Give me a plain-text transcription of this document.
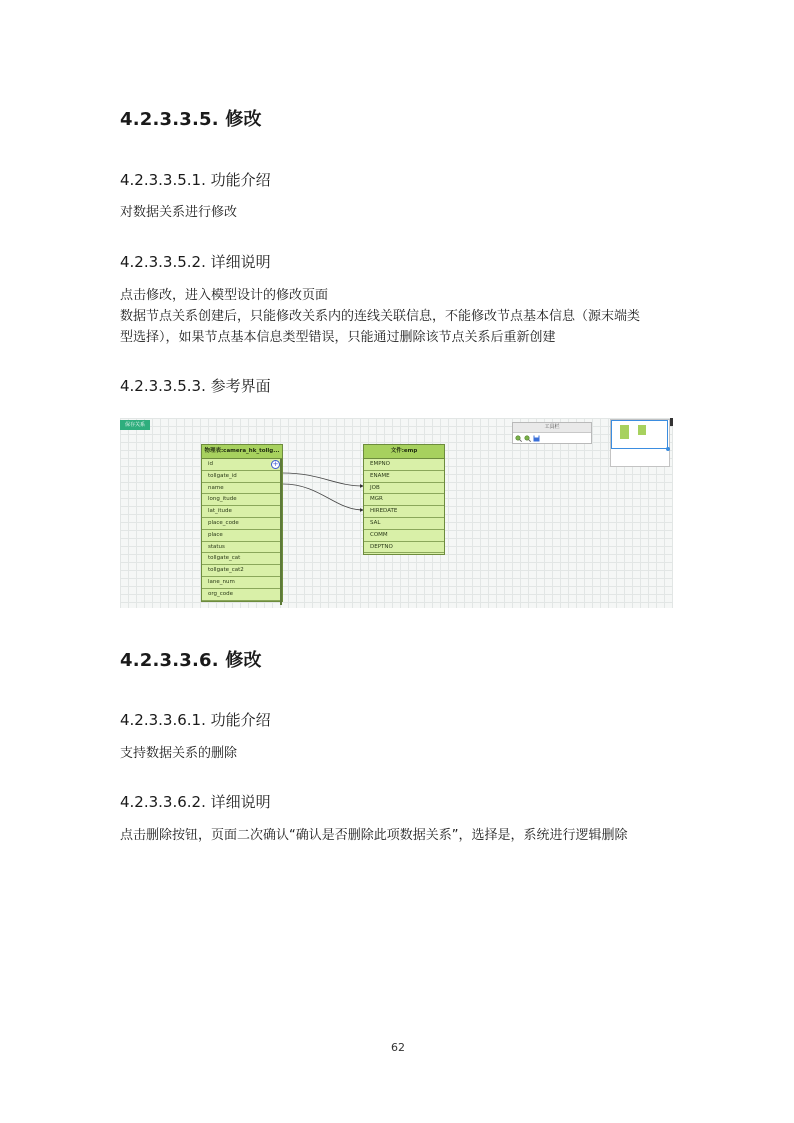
4.2.3.3.5. 修改
4.2.3.3.5.1. 功能介绍
对数据关系进行修改
4.2.3.3.5.2. 详细说明
点击修改，进入模型设计的修改页面
数据节点关系创建后，只能修改关系内的连线关联信息，不能修改节点基本信息（源末端类
型选择），如果节点基本信息类型错误，只能通过删除该节点关系后重新创建
4.2.3.3.5.3. 参考界面
保存关系
物理表:camera_hk_tollg...
id	+
tollgate_id
name
long_itude
lat_itude
place_code
place
status
tollgate_cat
tollgate_cat2
lane_num
org_code
文件:emp
EMPNO
ENAME
JOB
MGR
HIREDATE
SAL
COMM
DEPTNO
工具栏
4.2.3.3.6. 修改
4.2.3.3.6.1. 功能介绍
支持数据关系的删除
4.2.3.3.6.2. 详细说明
点击删除按钮，页面二次确认“确认是否删除此项数据关系”，选择是，系统进行逻辑删除
62
